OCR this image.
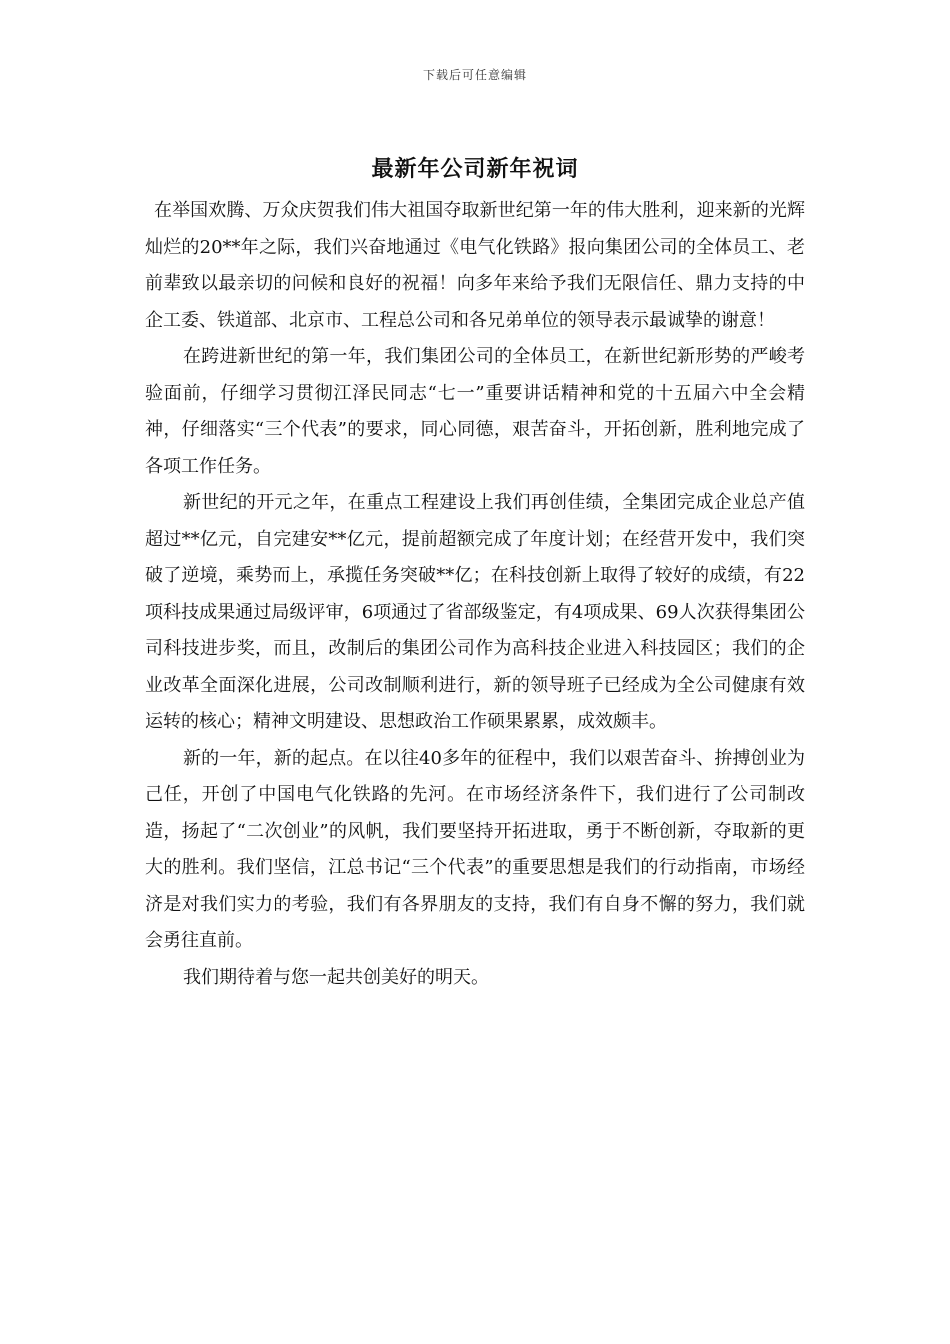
下载后可任意编辑
最新年公司新年祝词

在举国欢腾、万众庆贺我们伟大祖国夺取新世纪第一年的伟大胜利，迎来新的光辉灿烂的20**年之际，我们兴奋地通过《电气化铁路》报向集团公司的全体员工、老前辈致以最亲切的问候和良好的祝福！向多年来给予我们无限信任、鼎力支持的中企工委、铁道部、北京市、工程总公司和各兄弟单位的领导表示最诚挚的谢意！

在跨进新世纪的第一年，我们集团公司的全体员工，在新世纪新形势的严峻考验面前，仔细学习贯彻江泽民同志“七一”重要讲话精神和党的十五届六中全会精神，仔细落实“三个代表”的要求，同心同德，艰苦奋斗，开拓创新，胜利地完成了各项工作任务。

新世纪的开元之年，在重点工程建设上我们再创佳绩，全集团完成企业总产值超过**亿元，自完建安**亿元，提前超额完成了年度计划；在经营开发中，我们突破了逆境，乘势而上，承揽任务突破**亿；在科技创新上取得了较好的成绩，有22项科技成果通过局级评审，6项通过了省部级鉴定，有4项成果、69人次获得集团公司科技进步奖，而且，改制后的集团公司作为高科技企业进入科技园区；我们的企业改革全面深化进展，公司改制顺利进行，新的领导班子已经成为全公司健康有效运转的核心；精神文明建设、思想政治工作硕果累累，成效颇丰。

新的一年，新的起点。在以往40多年的征程中，我们以艰苦奋斗、拚搏创业为己任，开创了中国电气化铁路的先河。在市场经济条件下，我们进行了公司制改造，扬起了“二次创业”的风帆，我们要坚持开拓进取，勇于不断创新，夺取新的更大的胜利。我们坚信，江总书记“三个代表”的重要思想是我们的行动指南，市场经济是对我们实力的考验，我们有各界朋友的支持，我们有自身不懈的努力，我们就会勇往直前。

我们期待着与您一起共创美好的明天。
